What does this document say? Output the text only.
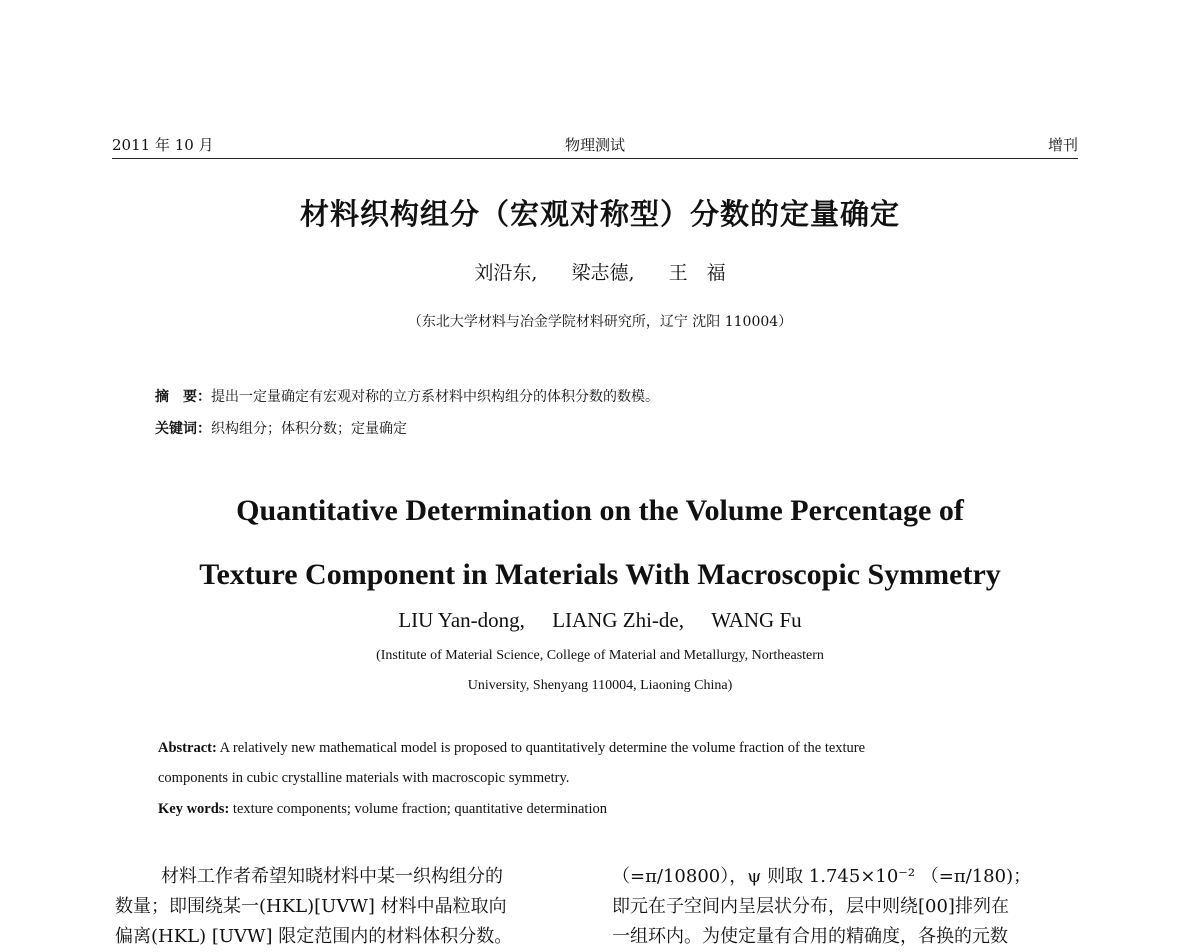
2011 年 10 月	物理测试	增刊
材料织构组分（宏观对称型）分数的定量确定
刘沿东, 梁志德, 王　福
（东北大学材料与冶金学院材料研究所，辽宁 沈阳 110004）
摘　要：提出一定量确定有宏观对称的立方系材料中织构组分的体积分数的数模。
关键词：织构组分；体积分数；定量确定
Quantitative Determination on the Volume Percentage of
Texture Component in Materials With Macroscopic Symmetry
LIU Yan-dong, LIANG Zhi-de, WANG Fu
(Institute of Material Science, College of Material and Metallurgy, Northeastern
University, Shenyang 110004, Liaoning China)
Abstract: A relatively new mathematical model is proposed to quantitatively determine the volume fraction of the texture
components in cubic crystalline materials with macroscopic symmetry.
Key words: texture components; volume fraction; quantitative determination
材料工作者希望知晓材料中某一织构组分的
数量；即围绕某一(HKL)[UVW] 材料中晶粒取向
偏离(HKL) [UVW] 限定范围内的材料体积分数。
（=π/10800），ψ 则取 1.745×10⁻² （=π/180)；
即元在子空间内呈层状分布，层中则绕[00]排列在
一组环内。为使定量有合用的精确度，各换的元数
